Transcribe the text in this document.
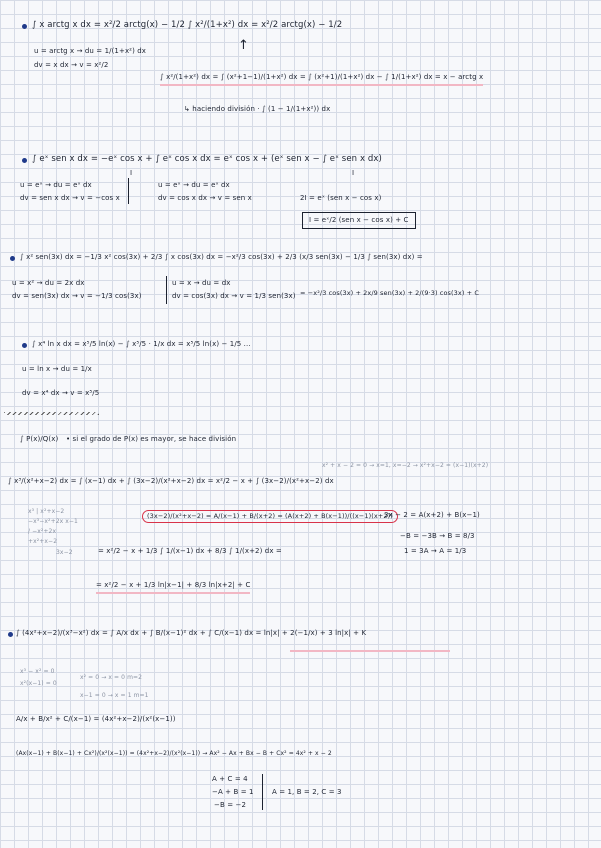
∫ x arctg x dx = x²/2 arctg(x) − 1/2 ∫ x²/(1+x²) dx = x²/2 arctg(x) − 1/2
u = arctg x → du = 1/(1+x²) dx
dv = x dx → v = x²/2
↑
∫ x²/(1+x²) dx = ∫ (x²+1−1)/(1+x²) dx = ∫ (x²+1)/(1+x²) dx − ∫ 1/(1+x²) dx = x − arctg x
↳ haciendo división · ∫ (1 − 1/(1+x²)) dx
∫ eˣ sen x dx = −eˣ cos x + ∫ eˣ cos x dx = eˣ cos x + (eˣ sen x − ∫ eˣ sen x dx)
I	I
u = eˣ → du = eˣ dx
dv = sen x dx → v = −cos x
u = eˣ → du = eˣ dx
dv = cos x dx → v = sen x	2I = eˣ (sen x − cos x)
I = eˣ/2 (sen x − cos x) + C
∫ x² sen(3x) dx = −1/3 x² cos(3x) + 2/3 ∫ x cos(3x) dx = −x²/3 cos(3x) + 2/3 (x/3 sen(3x) − 1/3 ∫ sen(3x) dx) =
u = x² → du = 2x dx
dv = sen(3x) dx → v = −1/3 cos(3x)
u = x → du = dx
dv = cos(3x) dx → v = 1/3 sen(3x) = −x²/3 cos(3x) + 2x/9 sen(3x) + 2/(9·3) cos(3x) + C
∫ x⁴ ln x dx = x⁵/5 ln(x) − ∫ x⁵/5 · 1/x dx = x⁵/5 ln(x) − 1/5 ...
u = ln x → du = 1/x
dv = x⁴ dx → v = x⁵/5
∫ P(x)/Q(x) • si el grado de P(x) es mayor, se hace división
∫ x³/(x²+x−2) dx = ∫ (x−1) dx + ∫ (3x−2)/(x²+x−2) dx = x²/2 − x + ∫ (3x−2)/(x²+x−2) dx
x² + x − 2 = 0 → x=1, x=−2 → x²+x−2 = (x−1)(x+2)
x³ | x²+x−2
−x³−x²+2x x−1
/ −x²+2x
+x²+x−2
3x−2
(3x−2)/(x²+x−2) = A/(x−1) + B/(x+2) = (A(x+2) + B(x−1))/((x−1)(x+2))
3x − 2 = A(x+2) + B(x−1)
−B = −3B → B = 8/3
1 = 3A → A = 1/3
= x²/2 − x + 1/3 ∫ 1/(x−1) dx + 8/3 ∫ 1/(x+2) dx =
= x²/2 − x + 1/3 ln|x−1| + 8/3 ln|x+2| + C
∫ (4x²+x−2)/(x³−x²) dx = ∫ A/x dx + ∫ B/(x−1)² dx + ∫ C/(x−1) dx = ln|x| + 2(−1/x) + 3 ln|x| + K
x³ − x² = 0
x²(x−1) = 0
x² = 0 → x = 0 m=2
x−1 = 0 → x = 1 m=1
A/x + B/x² + C/(x−1) = (4x²+x−2)/(x²(x−1))
(Ax(x−1) + B(x−1) + Cx²)/(x²(x−1)) = (4x²+x−2)/(x²(x−1)) → Ax² − Ax + Bx − B + Cx² = 4x² + x − 2
A + C = 4
−A + B = 1
−B = −2
A = 1, B = 2, C = 3
